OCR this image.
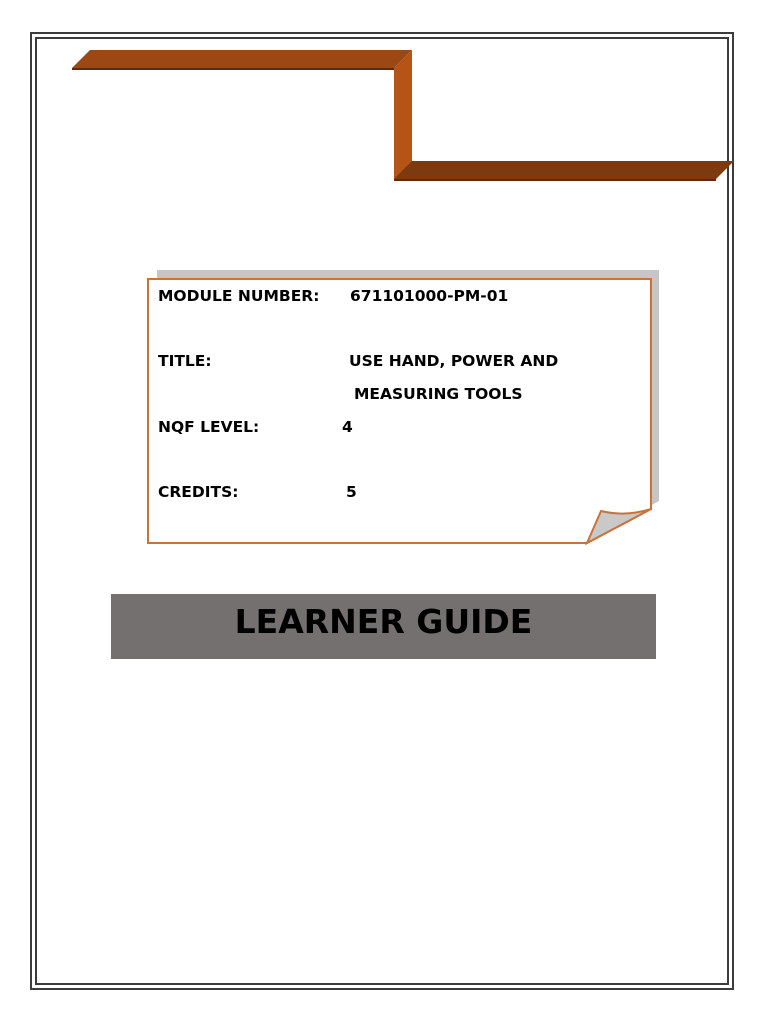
MODULE NUMBER: 671101000-PM-01
TITLE:	USE HAND, POWER AND
MEASURING TOOLS
NQF LEVEL:	4
CREDITS:	5
LEARNER GUIDE
